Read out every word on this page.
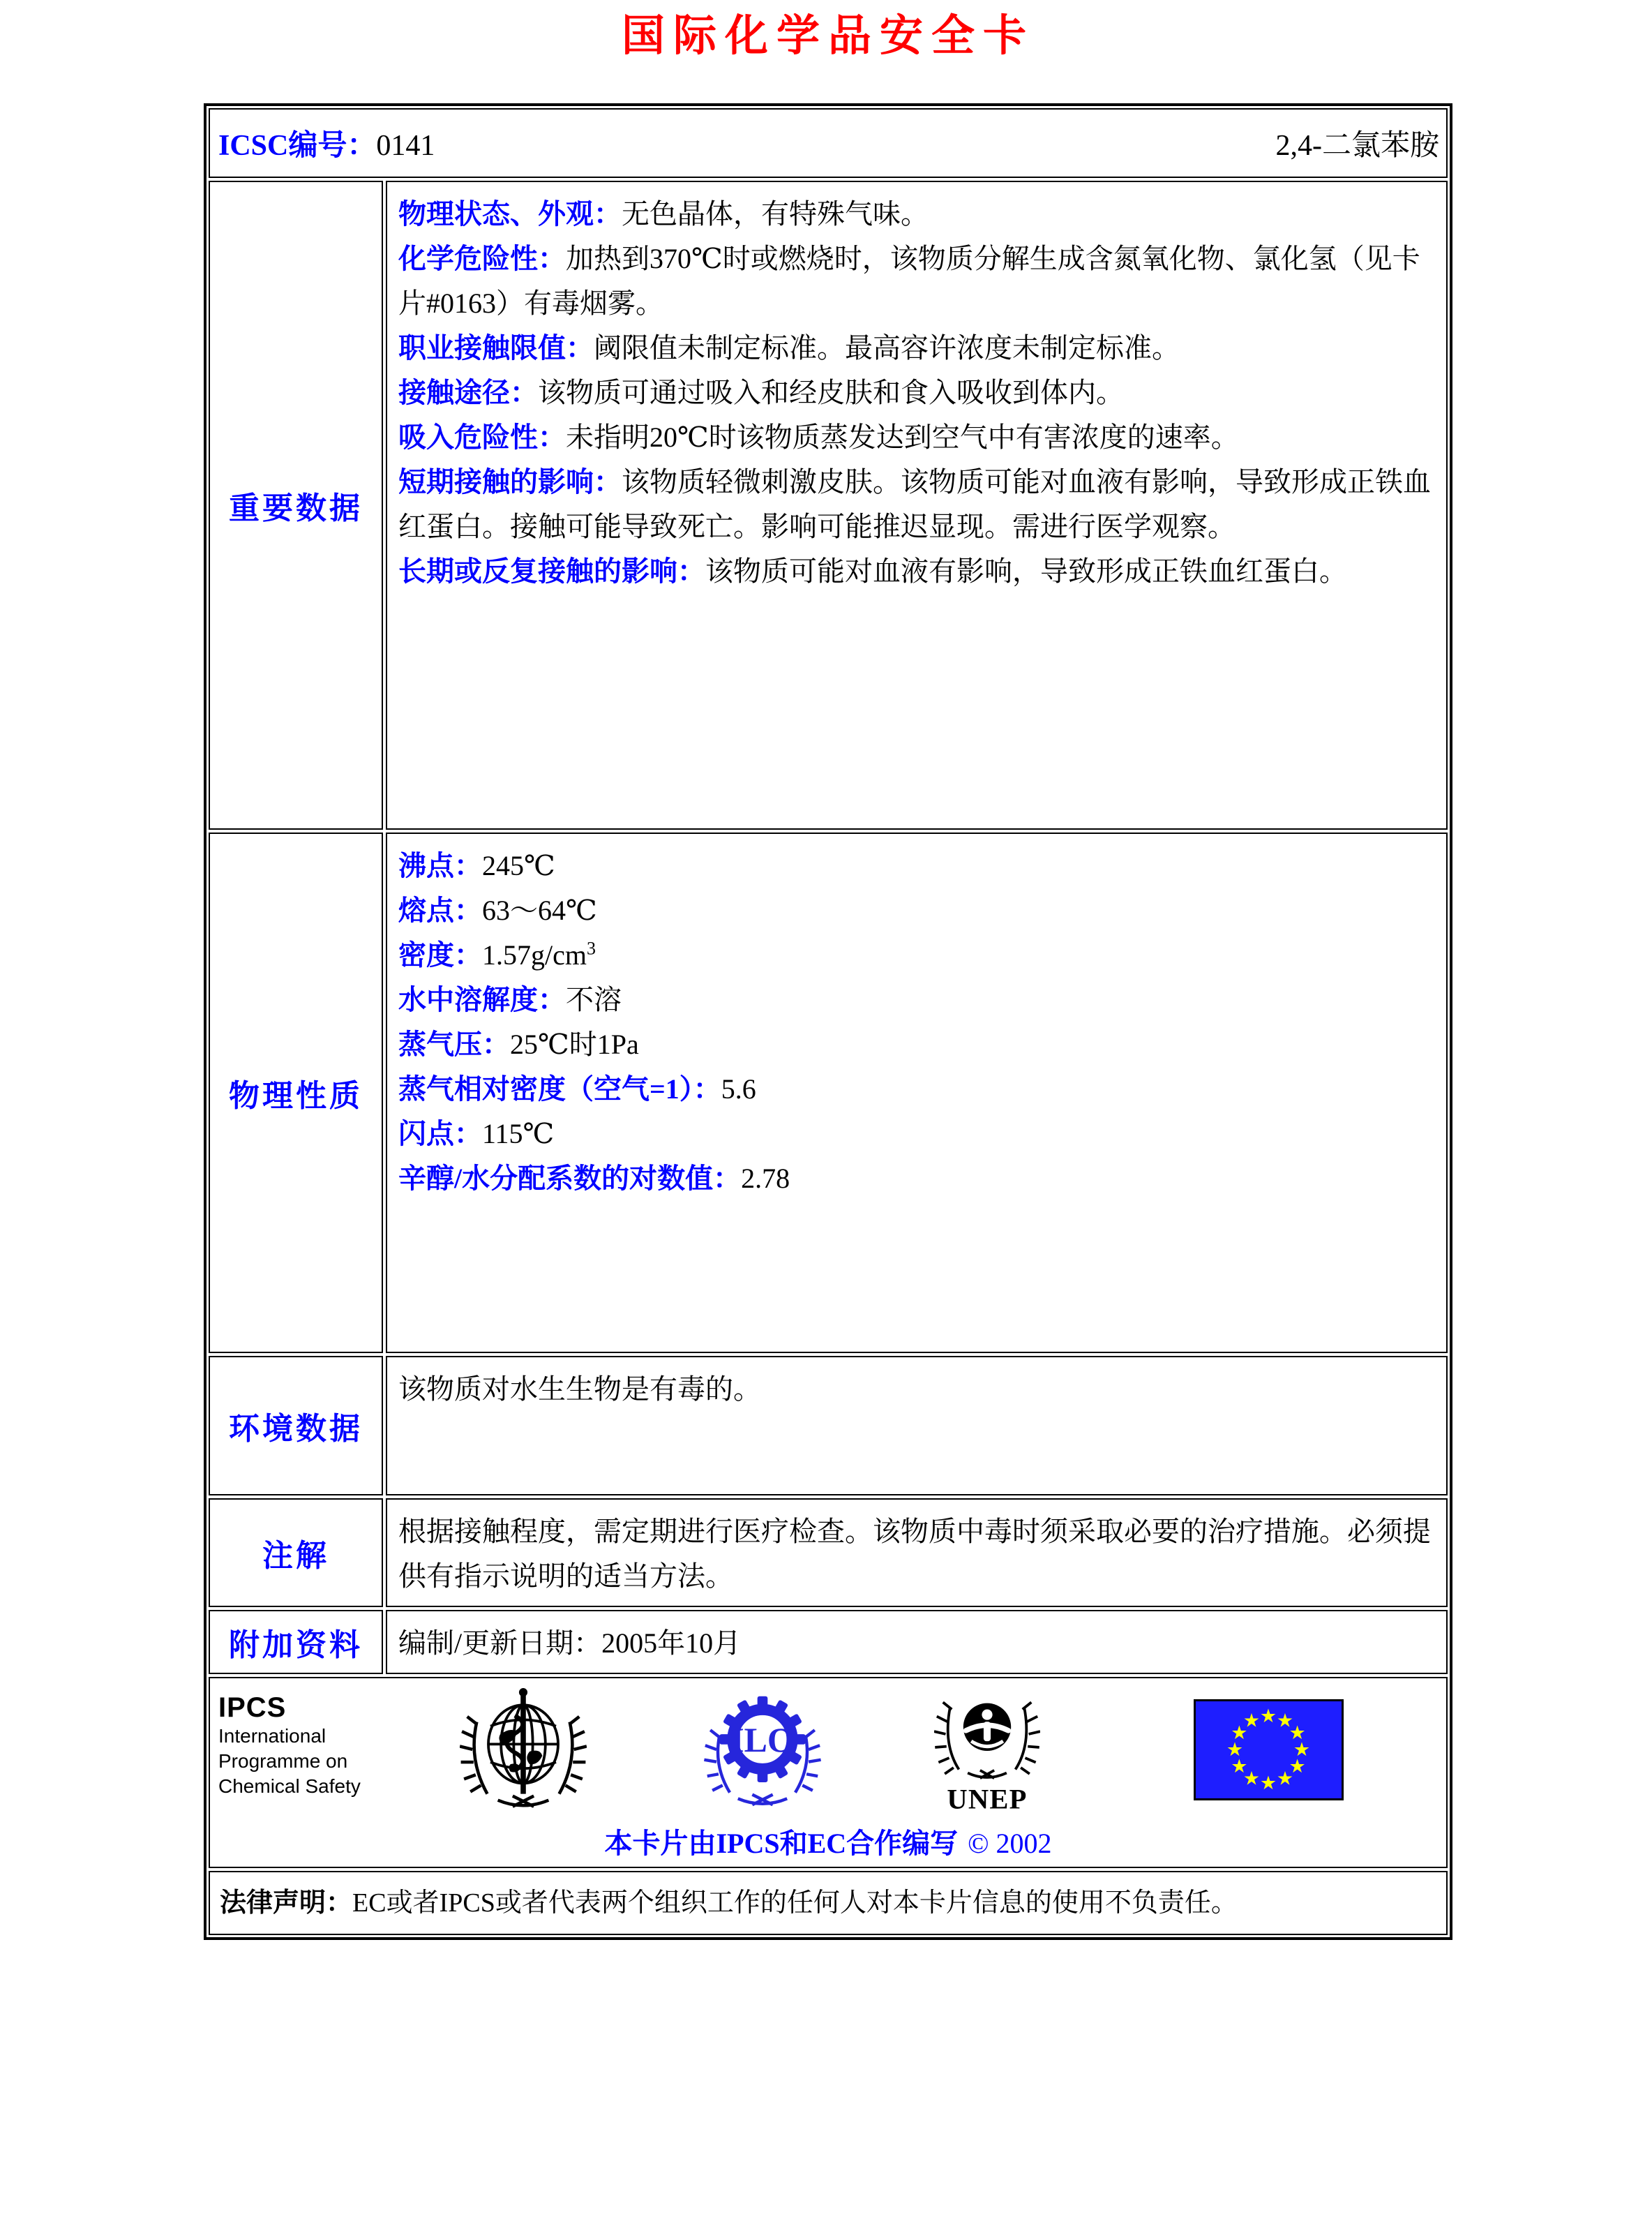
国际化学品安全卡
ICSC编号：0141	2,4-二氯苯胺
重要数据

物理状态、外观：无色晶体，有特殊气味。

化学危险性：加热到370℃时或燃烧时，该物质分解生成含氮氧化物、氯化氢（见卡片#0163）有毒烟雾。

职业接触限值：阈限值未制定标准。最高容许浓度未制定标准。

接触途径：该物质可通过吸入和经皮肤和食入吸收到体内。

吸入危险性：未指明20℃时该物质蒸发达到空气中有害浓度的速率。

短期接触的影响：该物质轻微刺激皮肤。该物质可能对血液有影响，导致形成正铁血红蛋白。接触可能导致死亡。影响可能推迟显现。需进行医学观察。

长期或反复接触的影响：该物质可能对血液有影响，导致形成正铁血红蛋白。

物理性质

沸点：245℃

熔点：63～64℃

密度：$1.57g/cm^3$

水中溶解度：不溶

蒸气压：25℃时1Pa

蒸气相对密度（空气=1）：5.6

闪点：115℃

辛醇/水分配系数的对数值：2.78

环境数据

该物质对水生生物是有毒的。

注解

根据接触程度，需定期进行医疗检查。该物质中毒时须采取必要的治疗措施。必须提供有指示说明的适当方法。

附加资料	编制/更新日期：2005年10月

IPCS
International
Programme on
Chemical Safety
ILO
UNEP
★ ★
★
★
★
★
★
★
★
★
★
★
本卡片由IPCS和EC合作编写 © 2002

法律声明：EC或者IPCS或者代表两个组织工作的任何人对本卡片信息的使用不负责任。
